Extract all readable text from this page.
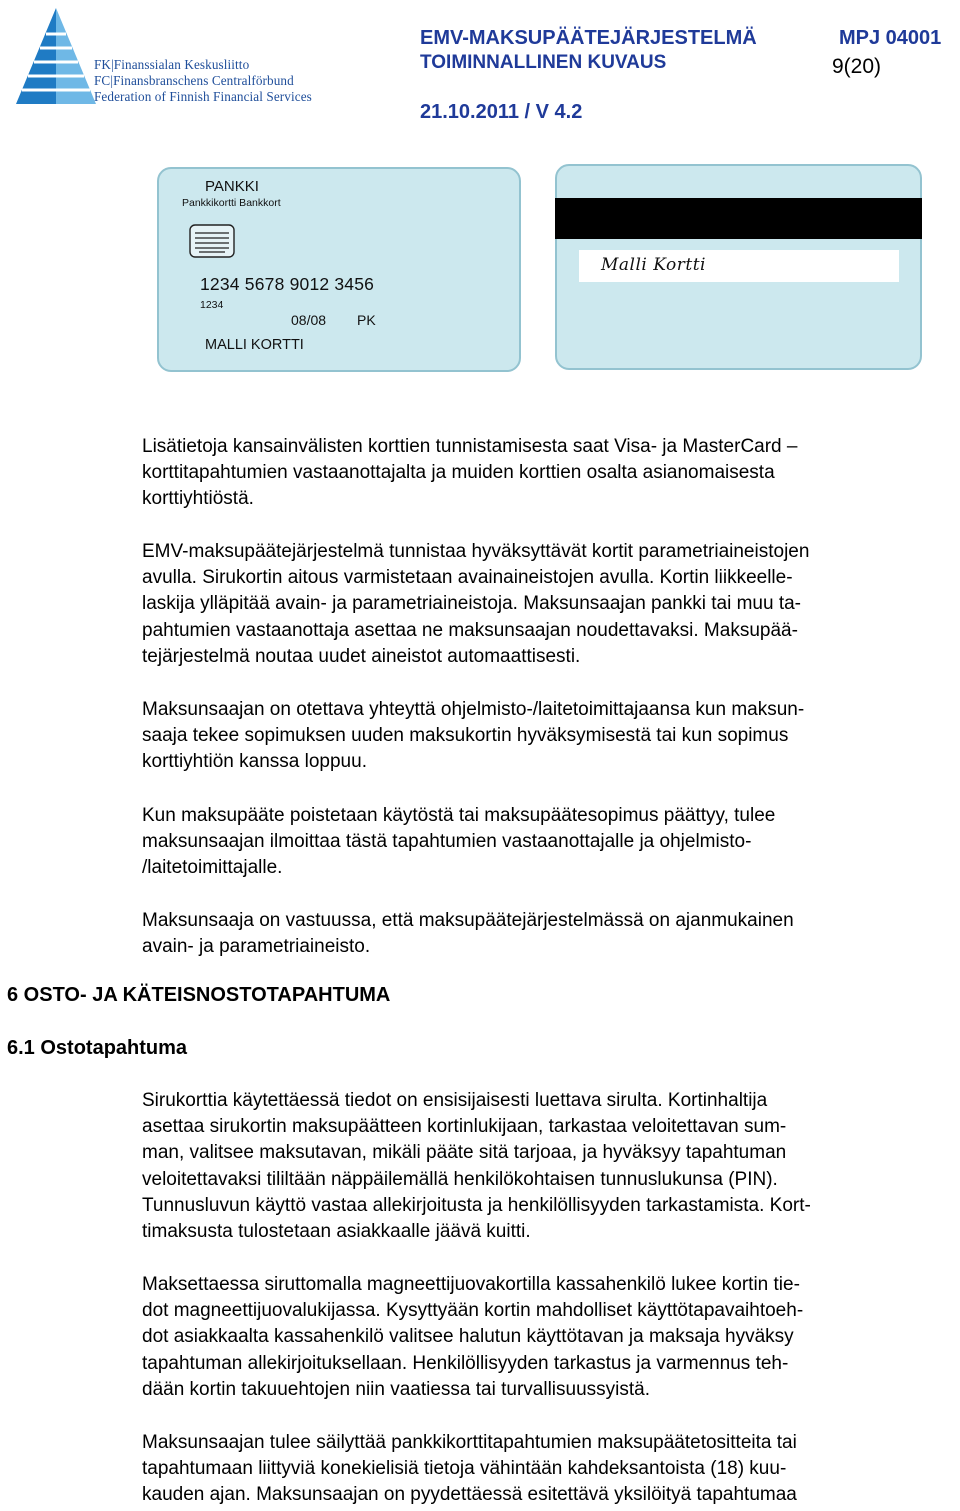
FK|Finanssialan Keskusliitto
FC|Finansbranschens Centralförbund
Federation of Finnish Financial Services
EMV-MAKSUPÄÄTEJÄRJESTELMÄ	MPJ 04001
TOIMINNALLINEN KUVAUS	9(20)
21.10.2011 / V 4.2
PANKKI
Pankkikortti Bankkort
1234 5678 9012 3456
1234
08/08 PK
MALLI KORTTI
Malli Kortti
Lisätietoja kansainvälisten korttien tunnistamisesta saat Visa- ja MasterCard –
korttitapahtumien vastaanottajalta ja muiden korttien osalta asianomaisesta
korttiyhtiöstä.
EMV-maksupäätejärjestelmä tunnistaa hyväksyttävät kortit parametriaineistojen
avulla. Sirukortin aitous varmistetaan avainaineistojen avulla. Kortin liikkeelle-
laskija ylläpitää avain- ja parametriaineistoja. Maksunsaajan pankki tai muu ta-
pahtumien vastaanottaja asettaa ne maksunsaajan noudettavaksi. Maksupää-
tejärjestelmä noutaa uudet aineistot automaattisesti.
Maksunsaajan on otettava yhteyttä ohjelmisto-/laitetoimittajaansa kun maksun-
saaja tekee sopimuksen uuden maksukortin hyväksymisestä tai kun sopimus
korttiyhtiön kanssa loppuu.
Kun maksupääte poistetaan käytöstä tai maksupäätesopimus päättyy, tulee
maksunsaajan ilmoittaa tästä tapahtumien vastaanottajalle ja ohjelmisto-
/laitetoimittajalle.
Maksunsaaja on vastuussa, että maksupäätejärjestelmässä on ajanmukainen
avain- ja parametriaineisto.
6 OSTO- JA KÄTEISNOSTOTAPAHTUMA
6.1 Ostotapahtuma
Sirukorttia käytettäessä tiedot on ensisijaisesti luettava sirulta. Kortinhaltija
asettaa sirukortin maksupäätteen kortinlukijaan, tarkastaa veloitettavan sum-
man, valitsee maksutavan, mikäli pääte sitä tarjoaa, ja hyväksyy tapahtuman
veloitettavaksi tililtään näppäilemällä henkilökohtaisen tunnuslukunsa (PIN).
Tunnusluvun käyttö vastaa allekirjoitusta ja henkilöllisyyden tarkastamista. Kort-
timaksusta tulostetaan asiakkaalle jäävä kuitti.
Maksettaessa siruttomalla magneettijuovakortilla kassahenkilö lukee kortin tie-
dot magneettijuovalukijassa. Kysyttyään kortin mahdolliset käyttötapavaihtoeh-
dot asiakkaalta kassahenkilö valitsee halutun käyttötavan ja maksaja hyväksy
tapahtuman allekirjoituksellaan. Henkilöllisyyden tarkastus ja varmennus teh-
dään kortin takuuehtojen niin vaatiessa tai turvallisuussyistä.
Maksunsaajan tulee säilyttää pankkikorttitapahtumien maksupäätetositteita tai
tapahtumaan liittyviä konekielisiä tietoja vähintään kahdeksantoista (18) kuu-
kauden ajan. Maksunsaajan on pyydettäessä esitettävä yksilöityä tapahtumaa
